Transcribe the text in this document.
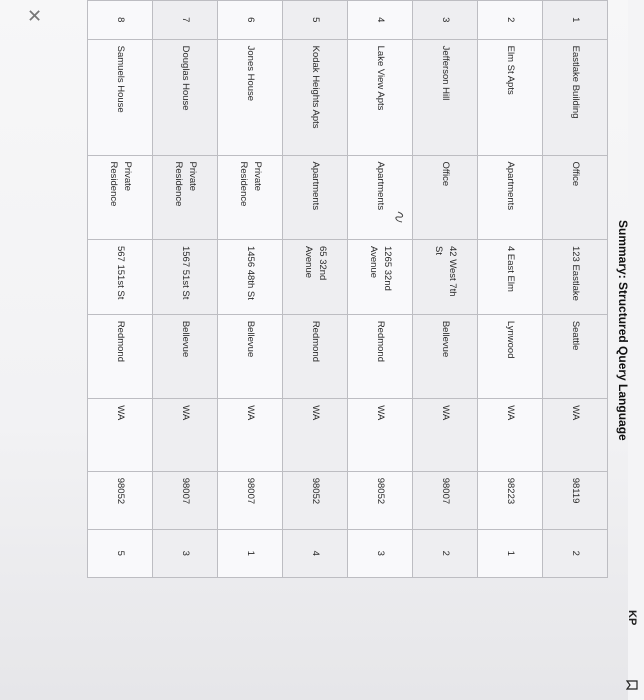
KP
✕
Summary: Structured Query Language
1	Eastlake Building	Office	123 Eastlake	Seattle	WA	98119	2
2	Elm St Apts	Apartments	4 East Elm	Lynwood	WA	98223	1
3	Jefferson Hill	Office	42 West 7th St	Bellevue	WA	98007	2
4	Lake View Apts	Apartments	1265 32nd Avenue	Redmond	WA	98052	3
5	Kodak Heights Apts	Apartments	65 32nd Avenue	Redmond	WA	98052	4
6	Jones House	Private Residence	1456 48th St	Bellevue	WA	98007	1
7	Douglas House	Private Residence	1567 51st St	Bellevue	WA	98007	3
8	Samuels House	Private Residence	567 151st St	Redmond	WA	98052	5
